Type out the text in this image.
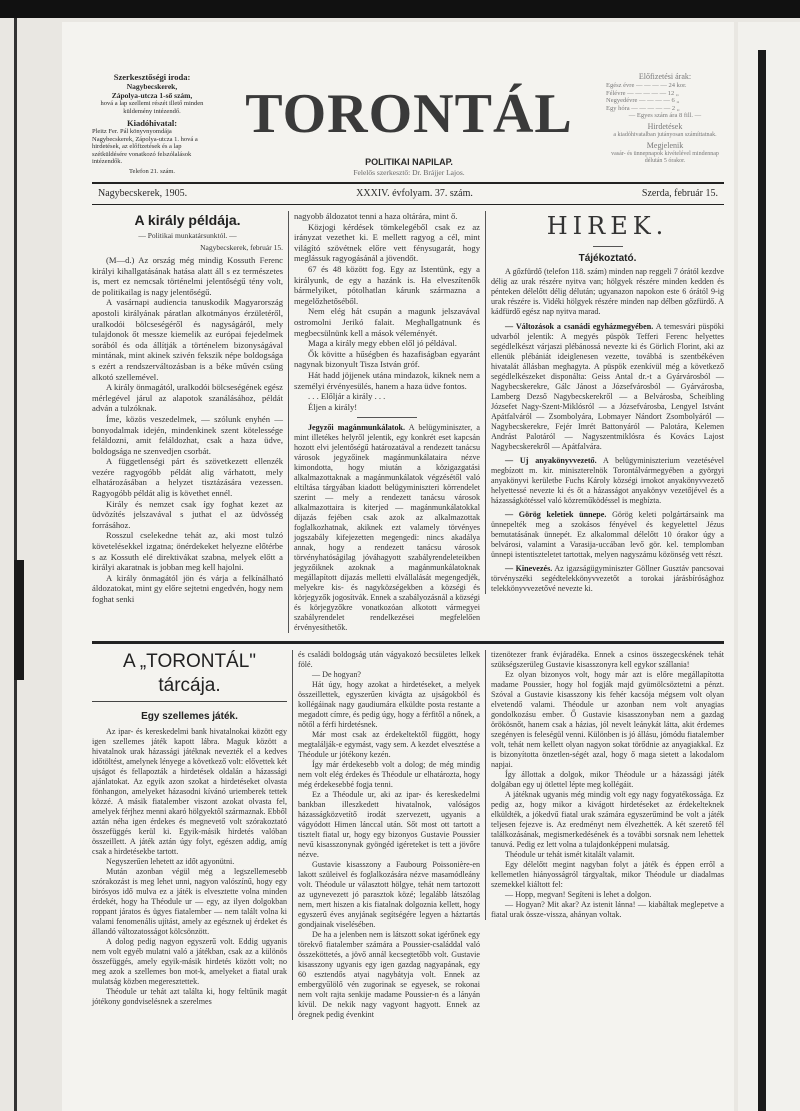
Szerkesztőségi iroda:
Nagybecskerek,
Zápolya-utcza 1-ső szám,
hová a lap szellemi részét illető minden küldemény intézendő.
Kiadóhivatal:
Pleitz Fer. Pál könyvnyomdája Nagybecskerek, Zápolya-utcza 1. hová a hirdetések, az előfizetések és a lap szétküldésére vonatkozó felszólalások intézendők.
Telefon 21. szám.
TORONTÁL
POLITIKAI NAPILAP.
Felelős szerkesztő: Dr. Brájjer Lajos.
Előfizetési árak:
Egész évre — — — — 24 kor.
Félévre — — — — — 12 „
Negyedévre — — — — 6 „
Egy hóra — — — — — 2 „
— Egyes szám ára 8 fill. —
Hirdetések
a kiadóhivatalban jutányosan számíttatnak.
Megjelenik
vasár- és ünnepnapok kivételével mindennap délután 5 órakor.
Nagybecskerek, 1905.	XXXIV. évfolyam. 37. szám.	Szerda, február 15.
A király példája.
— Politikai munkatársunktól. —
Nagybecskerek, február 15.

(M—d.) Az ország még mindig Kossuth Ferenc királyi kihallgatásának hatása alatt áll s ez természetes is, mert ez nemcsak történelmi jelentőségű tény volt, de politikailag is nagy jelentőségű.

A vasárnapi audiencia tanuskodik Magyarország apostoli királyának páratlan alkotmányos érzületéről, uralkodói bölcseségéről és nagyságáról, mely tulajdonok őt messze kiemelik az európai fejedelmek sorából és oda állítják a történelem bizonyságával mintának, mint akinek szivén fekszik népe boldogsága s ezért a rendszerváltozásban is a béke művén csüng alkotó szellemével.

A király önmagától, uralkodói bölcseségének egész mérlegével járul az alapotok szanálásához, példát adván a tulzóknak.

Íme, közös veszedelmek, — szólunk enyhén — bonyodalmak idején, mindenkinek szent kötelessége feláldozni, amit feláldozhat, csak a haza üdve, boldogsága ne szenvedjen csorbát.

A függetlenségi párt és szövetkezett ellenzék vezére ragyogóbb példát alig várhatott, mely elhatározásában a helyzet tisztázására vezessen. Ragyogóbb példát alig is követhet ennél.

Király és nemzet csak így foghat kezet az üdvözítés jelszavával s juthat el az üdvösség forrásához.

Rosszul cselekedne tehát az, aki most tulzó követelésekkel izgatna; önérdekeket helyezne előtérbe s az Kossuth elé direktivákat szabna, melyek előtt a királyi akaratnak is jobban meg kell hajolni.

A király önmagától jön és várja a felkínálható áldozatokat, mint gy előre sejtetni engedvén, hogy nem foghat senki

nagyobb áldozatot tenni a haza oltárára, mint ő.

Közjogi kérdések tömkelegéből csak ez az irányzat vezethet ki. E mellett ragyog a cél, mint világító szövétnek előre vett fénysugarát, hogy meglássuk ragyogásánál a jövendőt.

67 és 48 között fog. Egy az Istentünk, egy a királyunk, de egy a hazánk is. Ha elveszítenők bármelyiket, pótolhatlan kárunk származna a megelőzhetőséből.

Nem elég hát csupán a magunk jelszavával ostromolni Jerikó falait. Meghallgatnunk és megbecsülnünk kell a mások véleményét.

Maga a király megy ebben elől jó példával.

Ők kövitte a hűségben és hazafiságban egyaránt nagynak bizonyult Tisza István gróf.

Hát hadd jöjjenek utána mindazok, kiknek nem a személyi érvényesülés, hanem a haza üdve fontos.

. . . Előljár a király . . .

Éljen a király!

Jegyzői magánmunkálatok. A belügyminiszter, a mint illetékes helyről jelentik, egy konkrét eset kapcsán hozott elvi jelentőségű határozatával a rendezett tanácsu városok jegyzőinek magánmunkálataira nézve kimondotta, hogy miután a közigazgatási alkalmazottaknak a magánmunkálatok végzésétől való eltiltása tárgyában kiadott belügyminiszteri körrendelet szerint — mely a rendezett tanácsu városok alkalmazottaira is kiterjed — magánmunkálatokkal díjazás fejében csak azok az alkalmazottak foglalkozhatnak, akiknek ezt valamely törvényes jogszabály kifejezetten megengedi: nincs akadálya annak, hogy a rendezett tanácsu városok törvényhatóságilag jóváhagyott szabályrendeleteikben jegyzőiknek azoknak a magánmunkálatoknak megállapított díjazás melletti elvállalását megengedjék, melyekre kis- és nagyközségekben a községi és körjegyzők jogosítvák. Ennek a szabályozásnál a községi és körjegyzőkre vonatkozóan alkotott vármegyei szabályrendelet rendelkezései megfelelően érvényesíthetők.
HIREK.
Tájékoztató.

A gőzfürdő (telefon 118. szám) minden nap reggeli 7 órától kezdve délig az urak részére nyitva van; hölgyek részére minden kedden és pénteken délelőtt délig délután; ugyanazon napokon este 6 órától 9-ig urak részére is. Vidéki hölgyek részére minden nap délben gőzfürdő. A kádfürdő egész nap nyitva marad.

— Változások a csanádi egyházmegyében. A temesvári püspöki udvarból jelentik: A megyés püspök Tefferi Ferenc helyettes segédlelkészt várjaszi plébánossá nevezte ki és Görlich Florint, aki az ellenük plébániát ideiglenesen vezette, továbbá is szentbékéven hivatalát állásban meghagyta. A püspök ezenkívül még a következő segédlelkészeket disponálta: Geiss Antal dr.-t a Gyárvárosból — Nagybecskerekre, Gálc Jánost a Józsefvárosból — Gyárvárosba, Lamberg Dezső Nagybecskerekről — a Belvárosba, Scheibling Józsefet Nagy-Szent-Miklósról — a Józsefvárosba, Lengyel Istvánt Apátfalváról — Zsombolyára, Lobmayer Nándort Zsombolyáról — Nagybecskerekre, Fejér Imrét Battonyáról — Palotára, Kelemen Andrást Palotáról — Nagyszentmiklósra és Kovács Lajost Nagybecskerekről — Apátfalvára.

— Uj anyakönyvvezető. A belügyminiszterium vezetésével megbízott m. kir. miniszterelnök Torontálvármegyében a györgyi anyakönyvi kerületbe Fuchs Károly községi irnokot anyakönyvvezető helyettessé nevezte ki és őt a házasságot anyakönyv vezetőjével és a házasságkötéssel való közreműködéssel is megbízta.

— Görög keletiek ünnepe. Görög keleti polgártársaink ma ünnepelték meg a szokásos fényével és kegyelettel Jézus bemutatásának ünnepét. Ez alkalommal délelőtt 10 órakor úgy a belvárosi, valamint a Varasija-uccában levő gör. kel. templomban ünnepi istentiszteletet tartottak, melyen nagyszámu közönség vett részt.

— Kinevezés. Az igazságügyminiszter Göllner Gusztáv pancsovai törvényszéki segédtelekkönyvvezetőt a torokai járásbírósághoz telekkönyvvezetővé nevezte ki.

A „TORONTÁL" tárcája.
Egy szellemes játék.

Az ipar- és kereskedelmi bank hivatalnokai között egy igen szellemes játék kapott lábra. Maguk között a hivatalnok urak házassági játéknak nevezték el a kedves időtöltést, amelynek lényege a következő volt: elővettek két ujságot és fellapozták a hirdetések oldalán a házassági ajánlatokat. Az egyik azon szokat a hirdetéseket olvasta fönhangon, amelyeket házasodni kívánó uriemberek tettek közzé. A másik fiatalember viszont azokat olvasta fel, amelyek férjhez menni akaró hölgyektől származnak. Ebből aztán néha igen érdekes és megnevető volt szórakoztató összefüggés kerül ki. Egyik-másik hirdetés valóban összeillett. A játék aztán úgy folyt, egészen addig, amíg csak a hirdetésekbe tartott.

Negyszerűen lehetett az időt agyonütni.

Mután azonban végül még a legszellemesebb szórakozást is meg lehet unni, nagyon valószínű, hogy egy birósyos idő mulva ez a játék is elvesztette volna minden érdekét, hogy ha Théodule ur — egy, az ilyen dolgokban roppant járatos és ügyes fiatalember — nem talált volna ki valami fenomenális ujítást, amely az egésznek uj érdeket és állandó változatosságot kölcsönzött.

A dolog pedig nagyon egyszerű volt. Eddig ugyanis nem volt egyéb mulatni való a játékban, csak az a különös összefüggés, amely egyik-másik hirdetés között volt; no meg azok a szellemes bon mot-k, amelyeket a fiatal urak mulatság közben megeresztettek.

Théodule ur tehát azt találta ki, hogy feltűnik magát jótékony gondviselésnek a szerelmes

és családi boldogság után vágyakozó becsületes lelkek fölé.

— De hogyan?

Hát úgy, hogy azokat a hirdetéseket, a melyek összeillettek, egyszerűen kivágta az ujságokból és kollégáinak nagy gaudiumára elküldte posta restante a megadott címre, és pedig úgy, hogy a férfitől a nőnek, a nőtől a férfi hirdetésnek.

Már most csak az érdekeltektől függött, hogy megtalálják-e egymást, vagy sem. A kezdet elvesztése a Théodule ur jótékony kezén.

Így már érdekesebb volt a dolog; de még mindig nem volt elég érdekes és Théodule ur elhatározta, hogy még érdekesebbé fogja tenni.

Ez a Théodule ur, aki az ipar- és kereskedelmi bankban illeszkedett hivatalnok, valóságos házasságközvetítő irodát szervezett, ugyanis a vágyódott Himen lánccal után. Sőt most ott tartott a tisztelt fiatal ur, hogy egy bizonyos Gustavie Poussier nevű kisasszonynak gyöngéd igéreteket is tett a jövőre nézve.

Gustavie kisasszony a Faubourg Poissonière-en lakott szüleivel és foglalkozására nézve masamódleány volt. Théodule ur választott hölgye, tehát nem tartozott az ugynevezett jó parasztok közé; legalább látszólag nem, mert hiszen a kis fiatalnak dolgoznia kellett, hogy egyszerű éves anyjának segítségére legyen a háztartás gondjainak viselésében.

De ha a jelenben nem is látszott sokat igérőnek egy törekvő fiatalember számára a Poussier-családdal való összeköttetés, a jövő annál kecsegtetőbb volt. Gustavie kisasszony ugyanis egy igen gazdag nagyapának, egy 60 esztendős atyai nagybátyja volt. Ennek az embergyűlölő vén zugorinak se egyesek, se rokonai nem volt rajta senkije madame Poussier-n és a lányán kívül. De nekik nagy vagyont hagyott. Ennek az öregnek pedig évenkint

tizenötezer frank évjáradéka. Ennek a csinos összegecskének tehát szükségszerüleg Gustavie kisasszonyra kell egykor szállania!

Ez olyan bizonyos volt, hogy már azt is előre megállapította madame Poussier, hogy hol fogják majd gyümölcsöztetni a pénzt. Szóval a Gustavie kisasszony kis fehér kacsója mégsem volt olyan elvetendő valami. Théodule ur azonban nem volt anyagias gondolkozásu ember. Ő Gustavie kisasszonyban nem a gazdag örökösnőt, hanem csak a házias, jól nevelt leánykát látta, akit érdemes szegényen is feleségül venni. Különben is jó állásu, jómódu fiatalember volt, tehát nem kellett olyan nagyon sokat törődnie az anyagiakkal. Ez is bizonyította önzetlen-ségét azal, hogy ő maga sietett a lakodalom napjai.

Így állottak a dolgok, mikor Théodule ur a házassági játék dolgában egy uj ötlettel lépte meg kollégáit.

A játéknak ugyanis még mindig volt egy nagy fogyatékossága. Ez pedig az, hogy mikor a kivágott hirdetéseket az érdekelteknek elküldték, a jókedvű fiatal urak számára egyszerűmind be volt a játék teljesen fejezve is. Az eredményt nem élvezhették. A két szerető fél találkozásának, megismerkedésének és a további sorsnak nem lehettek tanuvá. Pedig ez lett volna a tulajdonképpeni mulatság.

Théodule ur tehát ismét kitalált valamit.

Egy délelőtt megint nagyban folyt a játék és éppen erről a kellemetlen hiányosságról tárgyaltak, mikor Théodule ur diadalmas szemekkel kiáltott fel:

— Hopp, megvan! Segíteni is lehet a dolgon.

— Hogyan? Mit akar? Az istenit lánna! — kiabáltak meglepetve a fiatal urak össze-vissza, ahányan voltak.
